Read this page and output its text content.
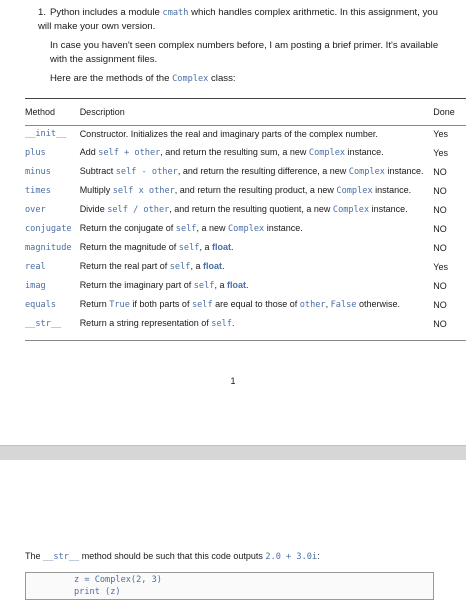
1. Python includes a module cmath which handles complex arithmetic. In this assignment, you will make your own version.

In case you haven't seen complex numbers before, I am posting a brief primer. It's available with the assignment files.

Here are the methods of the Complex class:

Method	Description	Done
__init__	Constructor. Initializes the real and imaginary parts of the complex number.	Yes
plus	Add self + other, and return the resulting sum, a new Complex instance.	Yes
minus	Subtract self - other, and return the resulting difference, a new Complex instance.	NO
times	Multiply self x other, and return the resulting product, a new Complex instance.	NO
over	Divide self / other, and return the resulting quotient, a new Complex instance.	NO
conjugate	Return the conjugate of self, a new Complex instance.	NO
magnitude	Return the magnitude of self, a float.	NO
real	Return the real part of self, a float.	Yes
imag	Return the imaginary part of self, a float.	NO
equals	Return True if both parts of self are equal to those of other, False otherwise.	NO
__str__	Return a string representation of self.	NO
1
The __str__ method should be such that this code outputs 2.0 + 3.0i:
z = Complex(2, 3)
print (z)
